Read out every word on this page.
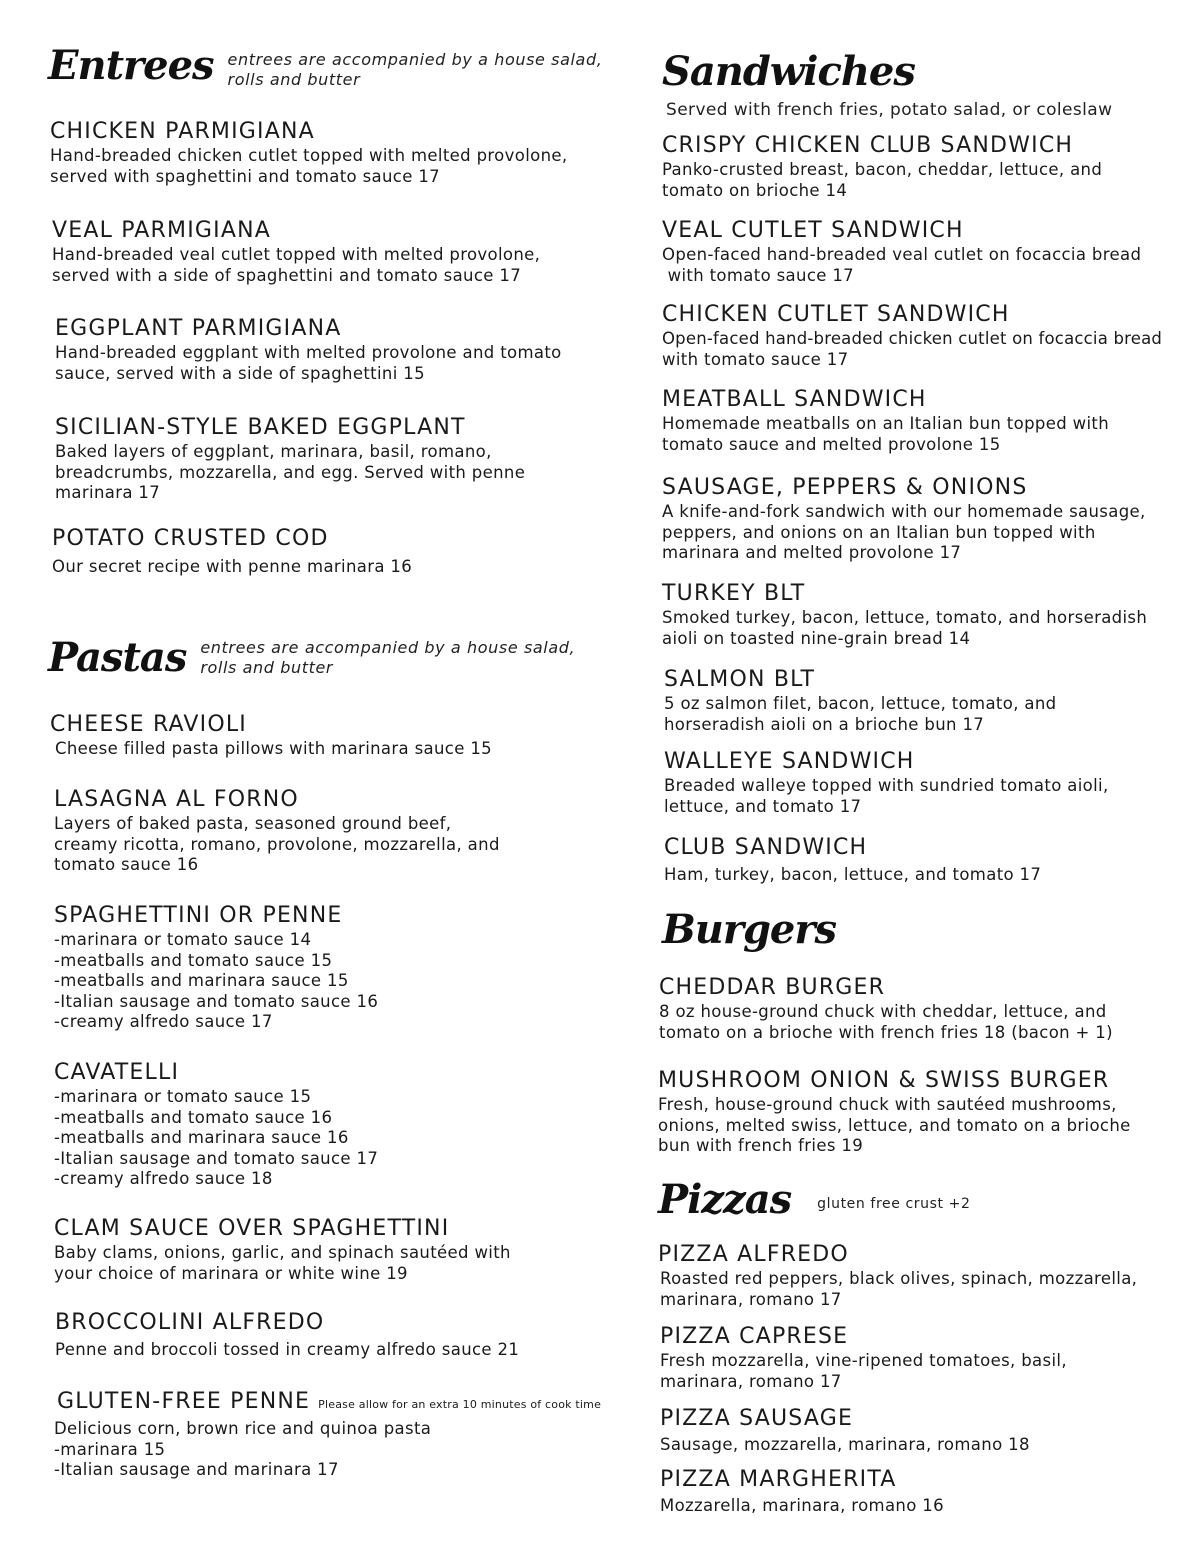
Entrees entrees are accompanied by a house salad, rolls and butter
CHICKEN PARMIGIANA
Hand-breaded chicken cutlet topped with melted provolone,
served with spaghettini and tomato sauce 17
VEAL PARMIGIANA
Hand-breaded veal cutlet topped with melted provolone,
served with a side of spaghettini and tomato sauce 17
EGGPLANT PARMIGIANA
Hand-breaded eggplant with melted provolone and tomato
sauce, served with a side of spaghettini 15
SICILIAN-STYLE BAKED EGGPLANT
Baked layers of eggplant, marinara, basil, romano,
breadcrumbs, mozzarella, and egg. Served with penne
marinara 17
POTATO CRUSTED COD
Our secret recipe with penne marinara 16
Pastas entrees are accompanied by a house salad, rolls and butter
CHEESE RAVIOLI
Cheese filled pasta pillows with marinara sauce 15
LASAGNA AL FORNO
Layers of baked pasta, seasoned ground beef,
creamy ricotta, romano, provolone, mozzarella, and
tomato sauce 16
SPAGHETTINI OR PENNE
-marinara or tomato sauce 14
-meatballs and tomato sauce 15
-meatballs and marinara sauce 15
-Italian sausage and tomato sauce 16
-creamy alfredo sauce 17
CAVATELLI
-marinara or tomato sauce 15
-meatballs and tomato sauce 16
-meatballs and marinara sauce 16
-Italian sausage and tomato sauce 17
-creamy alfredo sauce 18
CLAM SAUCE OVER SPAGHETTINI
Baby clams, onions, garlic, and spinach sautéed with
your choice of marinara or white wine 19
BROCCOLINI ALFREDO
Penne and broccoli tossed in creamy alfredo sauce 21
GLUTEN-FREE PENNE Please allow for an extra 10 minutes of cook time
Delicious corn, brown rice and quinoa pasta
-marinara 15
-Italian sausage and marinara 17
Sandwiches
Served with french fries, potato salad, or coleslaw
CRISPY CHICKEN CLUB SANDWICH
Panko-crusted breast, bacon, cheddar, lettuce, and
tomato on brioche 14
VEAL CUTLET SANDWICH
Open-faced hand-breaded veal cutlet on focaccia bread
with tomato sauce 17
CHICKEN CUTLET SANDWICH
Open-faced hand-breaded chicken cutlet on focaccia bread
with tomato sauce 17
MEATBALL SANDWICH
Homemade meatballs on an Italian bun topped with
tomato sauce and melted provolone 15
SAUSAGE, PEPPERS & ONIONS
A knife-and-fork sandwich with our homemade sausage,
peppers, and onions on an Italian bun topped with
marinara and melted provolone 17
TURKEY BLT
Smoked turkey, bacon, lettuce, tomato, and horseradish
aioli on toasted nine-grain bread 14
SALMON BLT
5 oz salmon filet, bacon, lettuce, tomato, and
horseradish aioli on a brioche bun 17
WALLEYE SANDWICH
Breaded walleye topped with sundried tomato aioli,
lettuce, and tomato 17
CLUB SANDWICH
Ham, turkey, bacon, lettuce, and tomato 17
Burgers
CHEDDAR BURGER
8 oz house-ground chuck with cheddar, lettuce, and
tomato on a brioche with french fries 18 (bacon + 1)
MUSHROOM ONION & SWISS BURGER
Fresh, house-ground chuck with sautéed mushrooms,
onions, melted swiss, lettuce, and tomato on a brioche
bun with french fries 19
Pizzas gluten free crust +2
PIZZA ALFREDO
Roasted red peppers, black olives, spinach, mozzarella,
marinara, romano 17
PIZZA CAPRESE
Fresh mozzarella, vine-ripened tomatoes, basil,
marinara, romano 17
PIZZA SAUSAGE
Sausage, mozzarella, marinara, romano 18
PIZZA MARGHERITA
Mozzarella, marinara, romano 16
